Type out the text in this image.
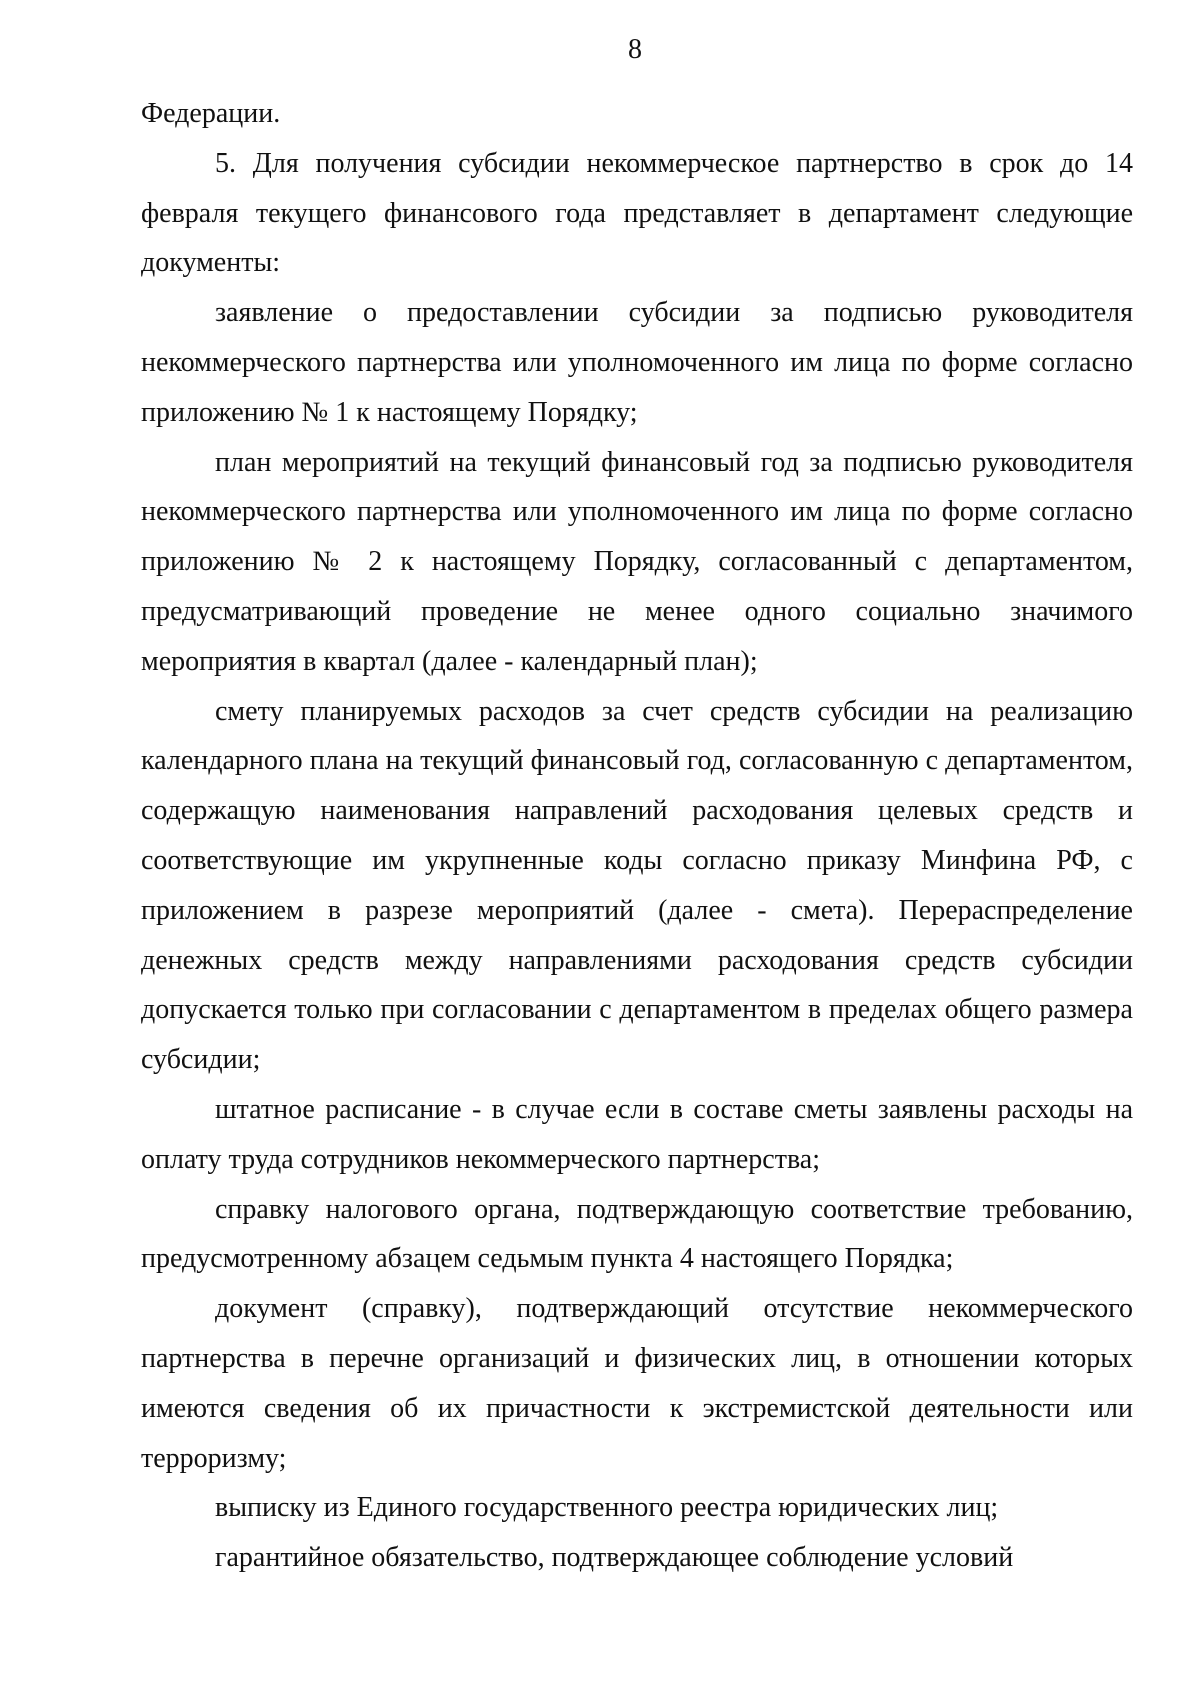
8

Федерации.

5. Для получения субсидии некоммерческое партнерство в срок до 14 февраля текущего финансового года представляет в департамент следующие документы:

заявление о предоставлении субсидии за подписью руководителя некоммерческого партнерства или уполномоченного им лица по форме согласно приложению № 1 к настоящему Порядку;

план мероприятий на текущий финансовый год за подписью руководителя некоммерческого партнерства или уполномоченного им лица по форме согласно приложению № 2 к настоящему Порядку, согласованный с департаментом, предусматривающий проведение не менее одного социально значимого мероприятия в квартал (далее - календарный план);

смету планируемых расходов за счет средств субсидии на реализацию календарного плана на текущий финансовый год, согласованную с департаментом, содержащую наименования направлений расходования целевых средств и соответствующие им укрупненные коды согласно приказу Минфина РФ, с приложением в разрезе мероприятий (далее - смета). Перераспределение денежных средств между направлениями расходования средств субсидии допускается только при согласовании с департаментом в пределах общего размера субсидии;

штатное расписание - в случае если в составе сметы заявлены расходы на оплату труда сотрудников некоммерческого партнерства;

справку налогового органа, подтверждающую соответствие требованию, предусмотренному абзацем седьмым пункта 4 настоящего Порядка;

документ (справку), подтверждающий отсутствие некоммерческого партнерства в перечне организаций и физических лиц, в отношении которых имеются сведения об их причастности к экстремистской деятельности или терроризму;

выписку из Единого государственного реестра юридических лиц;

гарантийное обязательство, подтверждающее соблюдение условий
